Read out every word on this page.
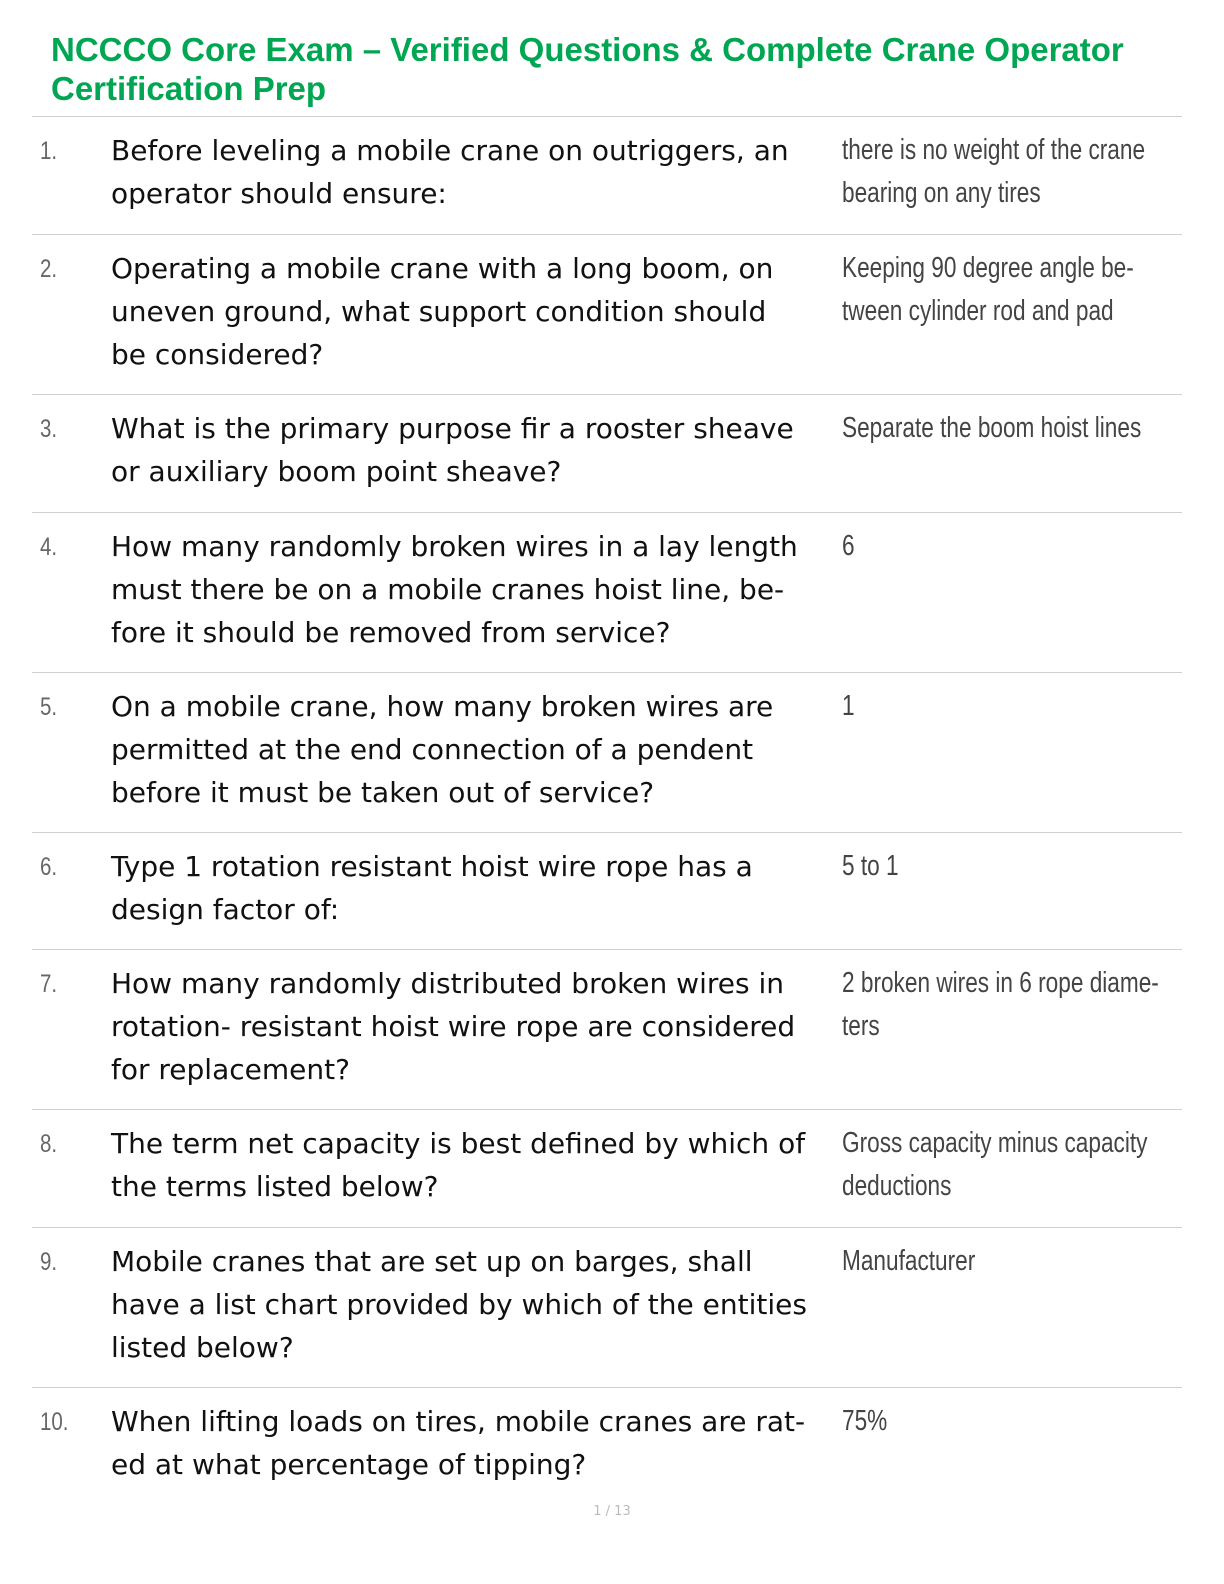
NCCCO Core Exam – Verified Questions & Complete Crane Operator
Certification Prep
1. Before leveling a mobile crane on outriggers, an
operator should ensure:
there is no weight of the crane
bearing on any tires
2. Operating a mobile crane with a long boom, on
uneven ground, what support condition should
be considered?
Keeping 90 degree angle be-
tween cylinder rod and pad
3. What is the primary purpose fir a rooster sheave
or auxiliary boom point sheave?
Separate the boom hoist lines
4. How many randomly broken wires in a lay length
must there be on a mobile cranes hoist line, be-
fore it should be removed from service?
6
5. On a mobile crane, how many broken wires are
permitted at the end connection of a pendent
before it must be taken out of service?
1
6. Type 1 rotation resistant hoist wire rope has a
design factor of:
5 to 1
7. How many randomly distributed broken wires in
rotation- resistant hoist wire rope are considered
for replacement?
2 broken wires in 6 rope diame-
ters
8. The term net capacity is best defined by which of
the terms listed below?
Gross capacity minus capacity
deductions
9. Mobile cranes that are set up on barges, shall
have a list chart provided by which of the entities
listed below?
Manufacturer
10. When lifting loads on tires, mobile cranes are rat-
ed at what percentage of tipping?
75%
1 / 13
